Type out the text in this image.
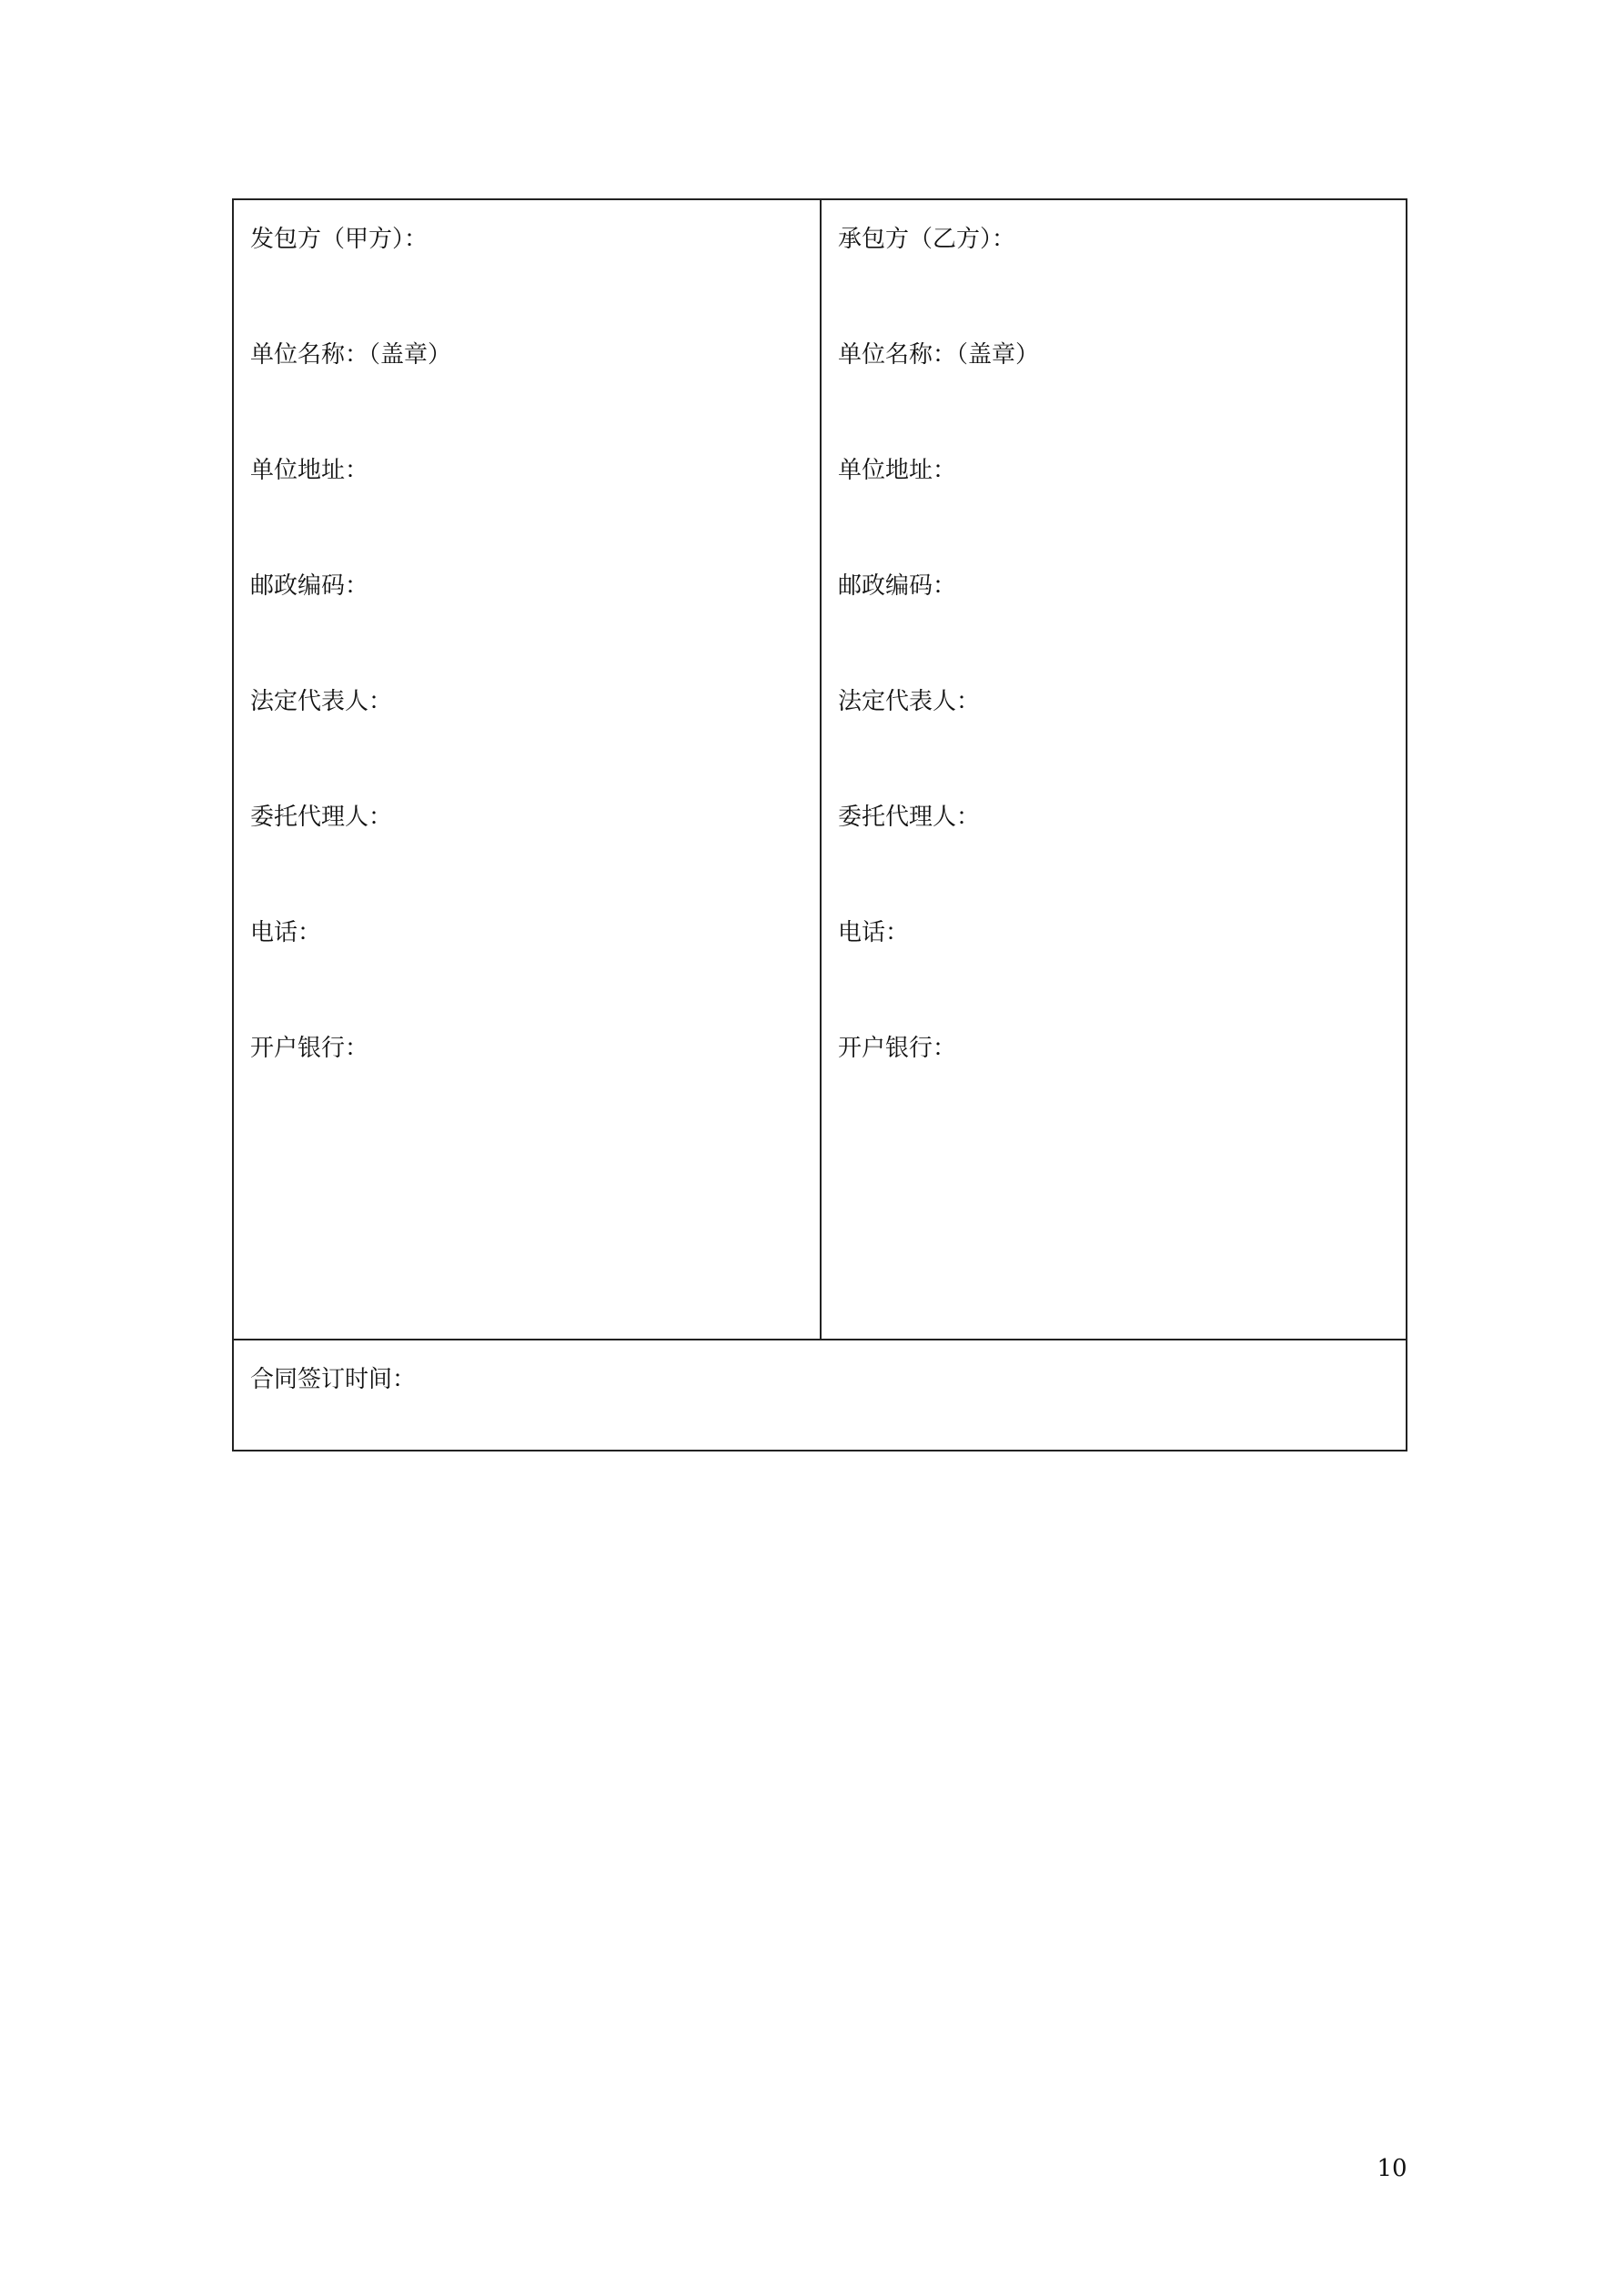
发包方（甲方）：
单位名称：（盖章）
单位地址：
邮政编码：
法定代表人：
委托代理人：
电话：
开户银行：
承包方（乙方）：
单位名称：（盖章）
单位地址：
邮政编码：
法定代表人：
委托代理人：
电话：
开户银行：
合同签订时间：
10
